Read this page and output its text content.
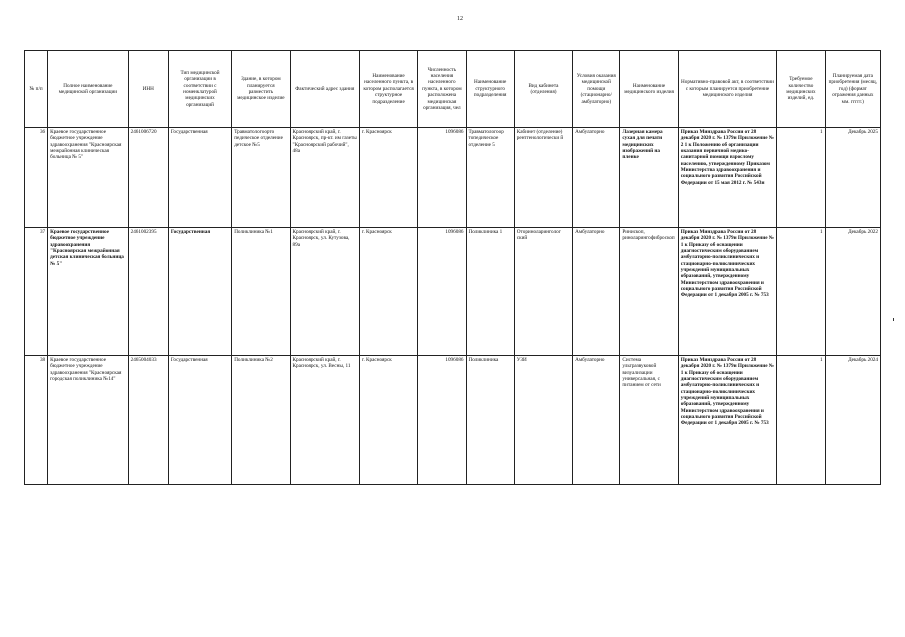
12
№ п/п	Полное наименование медицинской организации	ИНН	Тип медицинской организации в соответствии с номенклатурой медицинских организаций	Здание, в котором планируется разместить медицинское изделие	Фактический адрес здания	Наименование населенного пункта, в котором располагается структурное подразделение	Численность населения населенного пункта, в котором расположена медицинская организация, чел	Наименование структурного подразделения	Вид кабинета (отделения)	Условия оказания медицинской помощи (стационарно/ амбулаторно)	Наименование медицинского изделия	Нормативно-правовой акт, в соответствии с которым планируется приобретение медицинского изделия	Требуемое количество медицинских изделий, ед.	Планируемая дата приобретения (месяц, год) (формат отражения данных мм. ггггг.)
36	Краевое государственное бюджетное учреждение здравоохранения "Красноярская межрайонная клиническая больница № 5"	2461006720	Государственная	Травматологоорто педическое отделение детское №5	Красноярский край, г. Красноярск, пр-кт. им газеты "Красноярский рабочий", 48а	г. Красноярск	1096086	Травматологоор топедическое отделение 5	Кабинет (отделение) рентгенологически й	Амбулаторно	Лазерная камера сухая для печати медицинских изображений на пленке	Приказ Минздрава России от 28 декабря 2020 г. № 1379н Приложение № 2 1 к Положению об организации оказания первичной медико-санитарной помощи взрослому населению, утвержденному Приказом Министерства здравоохранения и социального развития Российской Федерации от 15 мая 2012 г. № 543н	1	Декабрь 2025
37	Краевое государственное бюджетное учреждение здравоохранения "Красноярская межрайонная детская клиническая больница № 5"	2461002395	Государственная	Поликлиника №1	Красноярский край, г. Красноярск, ул. Кутузова, 89а	г. Красноярск	1096086	Поликлиника 1	Оториноларинголог ский	Амбулаторно	Ринископ, риноларингофиброскоп	Приказ Минздрава России от 28 декабря 2020 г. № 1379н Приложение № 1 к Приказу об оснащении диагностическим оборудованием амбулаторно-поликлинических и стационарно-поликлинических учреждений муниципальных образований, утвержденному Министерством здравоохранения и социального развития Российской Федерации от 1 декабря 2005 г. № 753	1	Декабрь 2022
38	Краевое государственное бюджетное учреждение здравоохранения "Красноярская городская поликлиника №14"	2465004033	Государственная	Поликлиника №2	Красноярский край, г. Красноярск, ул. Весны, 11	г. Красноярск	1096086	Поликлиника	УЗИ	Амбулаторно	Система ультразвуковой визуализации универсальная, с питанием от сети	Приказ Минздрава России от 28 декабря 2020 г. № 1379н Приложение № 1 к Приказу об оснащении диагностическим оборудованием амбулаторно-поликлинических и стационарно-поликлинических учреждений муниципальных образований, утвержденному Министерством здравоохранения и социального развития Российской Федерации от 1 декабря 2005 г. № 753	1	Декабрь 2024
